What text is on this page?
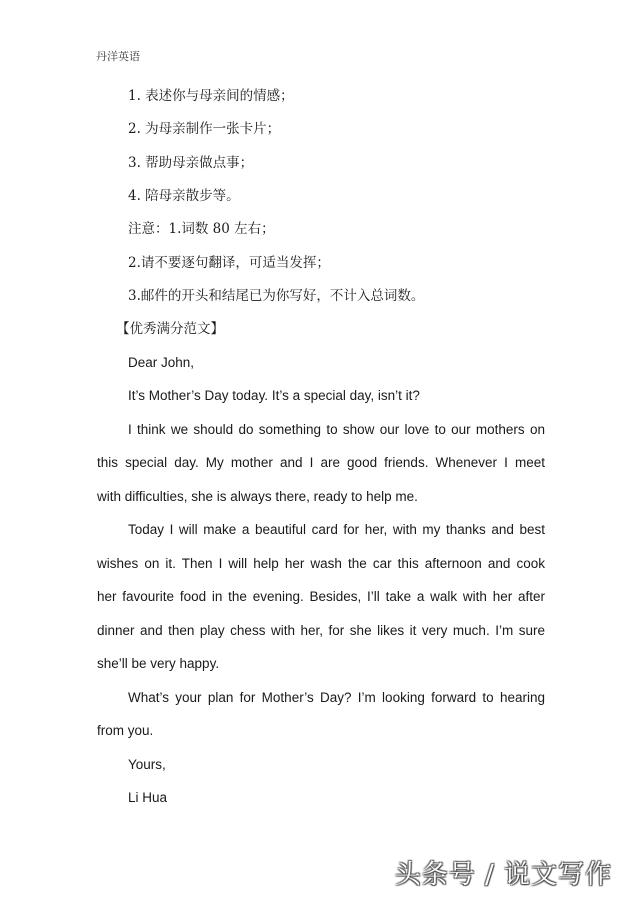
丹洋英语
1. 表述你与母亲间的情感；
2. 为母亲制作一张卡片；
3. 帮助母亲做点事；
4. 陪母亲散步等。
注意：1.词数 80 左右；
2.请不要逐句翻译，可适当发挥；
3.邮件的开头和结尾已为你写好，不计入总词数。
【优秀满分范文】
Dear John,
It’s Mother’s Day today. It’s a special day, isn’t it?
I think we should do something to show our love to our mothers on
this special day. My mother and I are good friends. Whenever I meet
with difficulties, she is always there, ready to help me.
Today I will make a beautiful card for her, with my thanks and best
wishes on it. Then I will help her wash the car this afternoon and cook
her favourite food in the evening. Besides, I’ll take a walk with her after
dinner and then play chess with her, for she likes it very much. I’m sure
she’ll be very happy.
What’s your plan for Mother’s Day? I’m looking forward to hearing
from you.
Yours,
Li Hua
头条号 / 说文写作
